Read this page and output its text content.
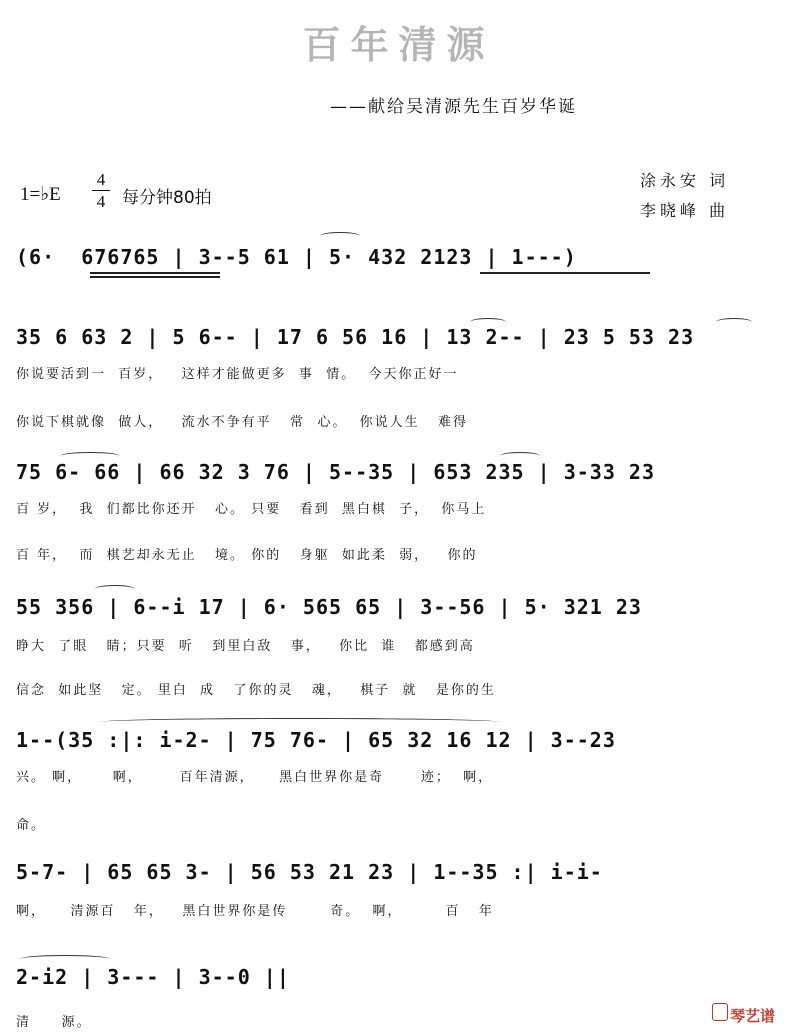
百年清源
——献给吴清源先生百岁华诞
1=♭E
4
4 每分钟80拍
涂永安 词
李晓峰 曲
(6·  676765 | 3--5 61 | 5· 432 2123 | 1---)
35 6 63 2 | 5 6-- | 17 6 56 16 | 13 2-- | 23 5 53 23
你说要活到一  百岁，   这样才能做更多  事  情。  今天你正好一
你说下棋就像  做人，   流水不争有平   常  心。  你说人生   难得
75 6- 66 | 66 32 3 76 | 5--35 | 653 235 | 3-33 23
百 岁，  我  们都比你还开   心。 只要   看到  黑白棋  子，  你马上
百 年，  而  棋艺却永无止   境。 你的   身躯  如此柔  弱，   你的
55 356 | 6--i 17 | 6· 565 65 | 3--56 | 5· 321 23
睁大  了眼   睛；只要  听   到里白敌   事，   你比  谁   都感到高
信念  如此坚   定。 里白  成   了你的灵   魂，   棋子  就   是你的生
1--(35 :|: i-2- | 75 76- | 65 32 16 12 | 3--23
兴。 啊，     啊，      百年清源，    黑白世界你是奇      迹；  啊，
命。
5-7- | 65 65 3- | 56 53 21 23 | 1--35 :| i-i-
啊，    清源百   年，   黑白世界你是传       奇。  啊，       百   年
2-i2 | 3--- | 3--0 ||
清     源。	琴艺谱
